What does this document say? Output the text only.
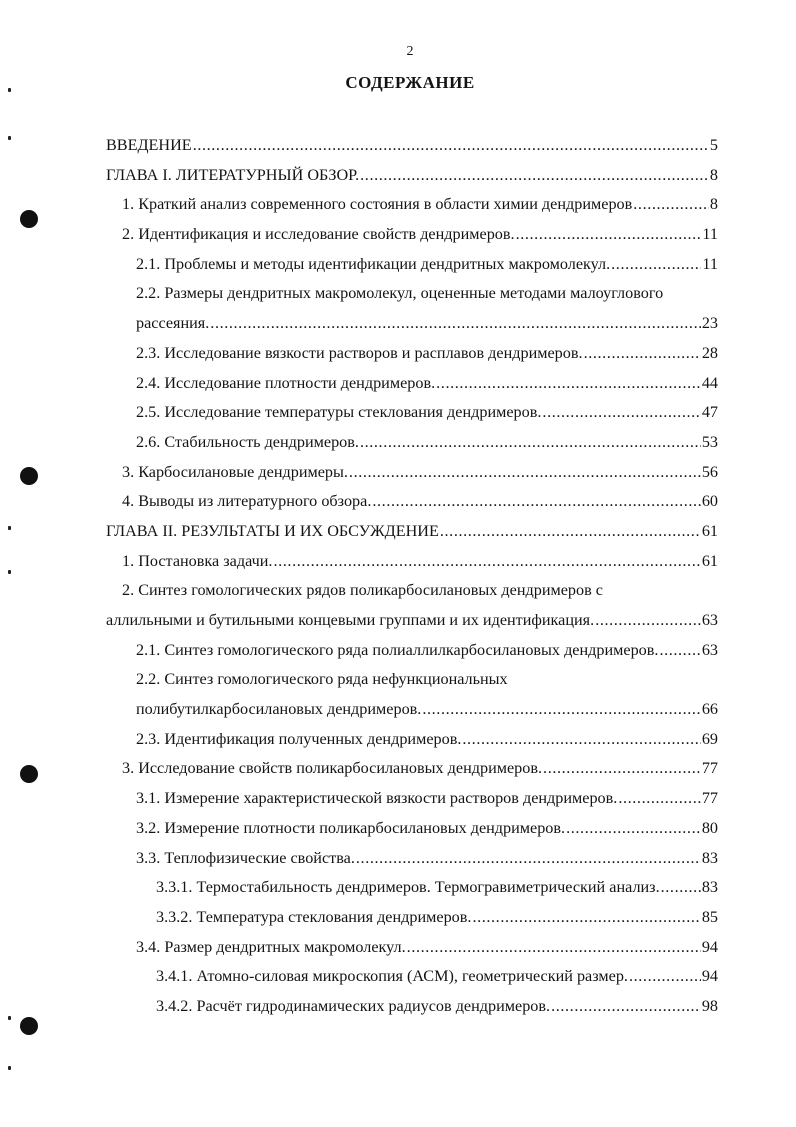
2
СОДЕРЖАНИЕ
ВВЕДЕНИЕ .....	5
ГЛАВА I. ЛИТЕРАТУРНЫЙ ОБЗОР. .....	8
1. Краткий анализ современного состояния в области химии дендримеров .....	8
2. Идентификация и исследование свойств дендримеров. .....	11
2.1. Проблемы и методы идентификации дендритных макромолекул. .....	11
2.2. Размеры дендритных макромолекул, оцененные методами малоуглового
рассеяния. .....	23
2.3. Исследование вязкости растворов и расплавов дендримеров. .....	28
2.4. Исследование плотности дендримеров. .....	44
2.5. Исследование температуры стеклования дендримеров. .....	47
2.6. Стабильность дендримеров. .....	53
3. Карбосилановые дендримеры. .....	56
4. Выводы из литературного обзора. .....	60
ГЛАВА II. РЕЗУЛЬТАТЫ И ИХ ОБСУЖДЕНИЕ .....	61
1. Постановка задачи. .....	61
2. Синтез гомологических рядов поликарбосилановых дендримеров с
аллильными и бутильными концевыми группами и их идентификация. .....	63
2.1. Синтез гомологического ряда полиаллилкарбосилановых дендримеров. .....	63
2.2. Синтез гомологического ряда нефункциональных
полибутилкарбосилановых дендримеров. .....	66
2.3. Идентификация полученных дендримеров. .....	69
3. Исследование свойств поликарбосилановых дендримеров. .....	77
3.1. Измерение характеристической вязкости растворов дендримеров. .....	77
3.2. Измерение плотности поликарбосилановых дендримеров. .....	80
3.3. Теплофизические свойства. .....	83
3.3.1. Термостабильность дендримеров. Термогравиметрический анализ. .....	83
3.3.2. Температура стеклования дендримеров. .....	85
3.4. Размер дендритных макромолекул. .....	94
3.4.1. Атомно-силовая микроскопия (АСМ), геометрический размер. .....	94
3.4.2. Расчёт гидродинамических радиусов дендримеров. .....	98
